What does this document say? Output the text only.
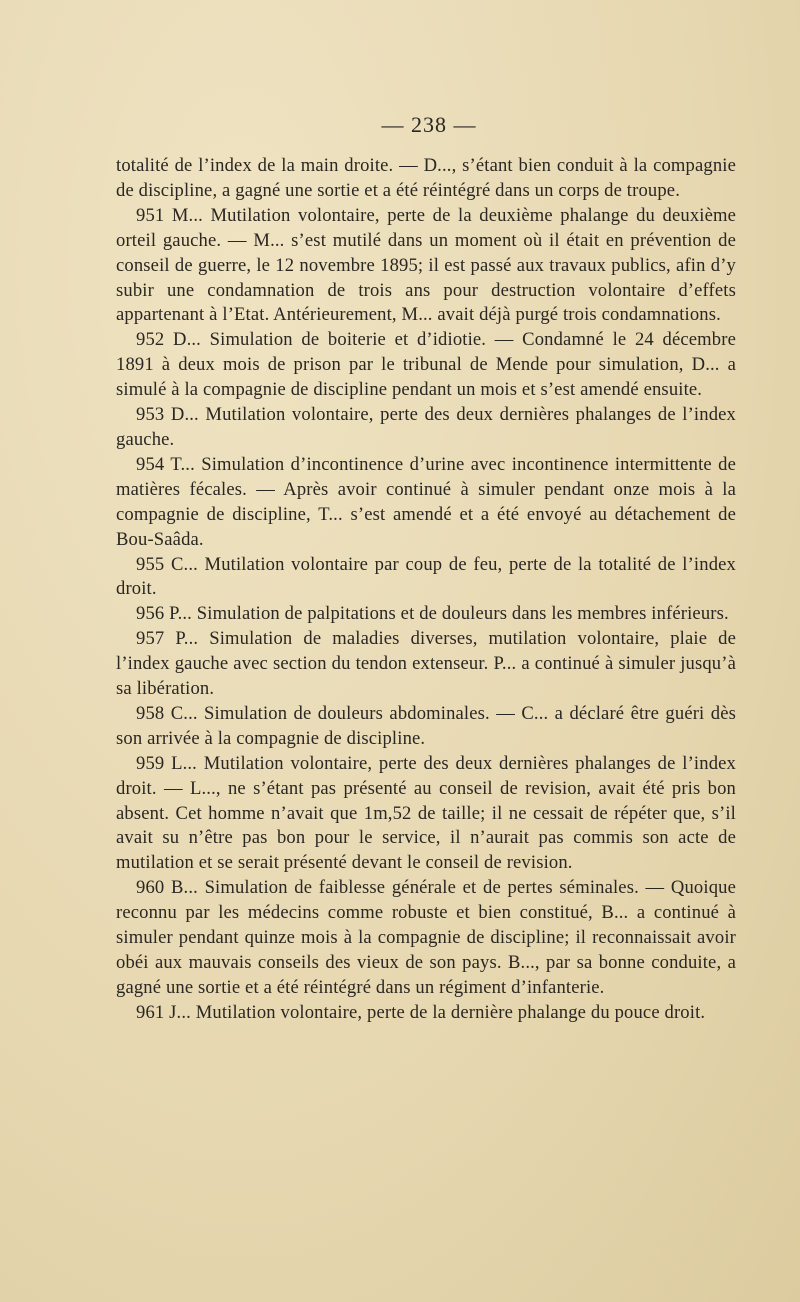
— 238 —

totalité de l’index de la main droite. — D..., s’étant bien conduit à la compagnie de discipline, a gagné une sortie et a été réintégré dans un corps de troupe.

951 M... Mutilation volontaire, perte de la deuxième phalange du deuxième orteil gauche. — M... s’est mutilé dans un moment où il était en prévention de conseil de guerre, le 12 novembre 1895; il est passé aux travaux publics, afin d’y subir une condamnation de trois ans pour destruction volontaire d’effets appartenant à l’Etat. Antérieurement, M... avait déjà purgé trois condamnations.

952 D... Simulation de boiterie et d’idiotie. — Condamné le 24 décembre 1891 à deux mois de prison par le tribunal de Mende pour simulation, D... a simulé à la compagnie de discipline pendant un mois et s’est amendé ensuite.

953 D... Mutilation volontaire, perte des deux dernières phalanges de l’index gauche.

954 T... Simulation d’incontinence d’urine avec incontinence intermittente de matières fécales. — Après avoir continué à simuler pendant onze mois à la compagnie de discipline, T... s’est amendé et a été envoyé au détachement de Bou-Saâda.

955 C... Mutilation volontaire par coup de feu, perte de la totalité de l’index droit.

956 P... Simulation de palpitations et de douleurs dans les membres inférieurs.

957 P... Simulation de maladies diverses, mutilation volontaire, plaie de l’index gauche avec section du tendon extenseur. P... a continué à simuler jusqu’à sa libération.

958 C... Simulation de douleurs abdominales. — C... a déclaré être guéri dès son arrivée à la compagnie de discipline.

959 L... Mutilation volontaire, perte des deux dernières phalanges de l’index droit. — L..., ne s’étant pas présenté au conseil de revision, avait été pris bon absent. Cet homme n’avait que 1m,52 de taille; il ne cessait de répéter que, s’il avait su n’être pas bon pour le service, il n’aurait pas commis son acte de mutilation et se serait présenté devant le conseil de revision.

960 B... Simulation de faiblesse générale et de pertes séminales. — Quoique reconnu par les médecins comme robuste et bien constitué, B... a continué à simuler pendant quinze mois à la compagnie de discipline; il reconnaissait avoir obéi aux mauvais conseils des vieux de son pays. B..., par sa bonne conduite, a gagné une sortie et a été réintégré dans un régiment d’infanterie.

961 J... Mutilation volontaire, perte de la dernière phalange du pouce droit.
